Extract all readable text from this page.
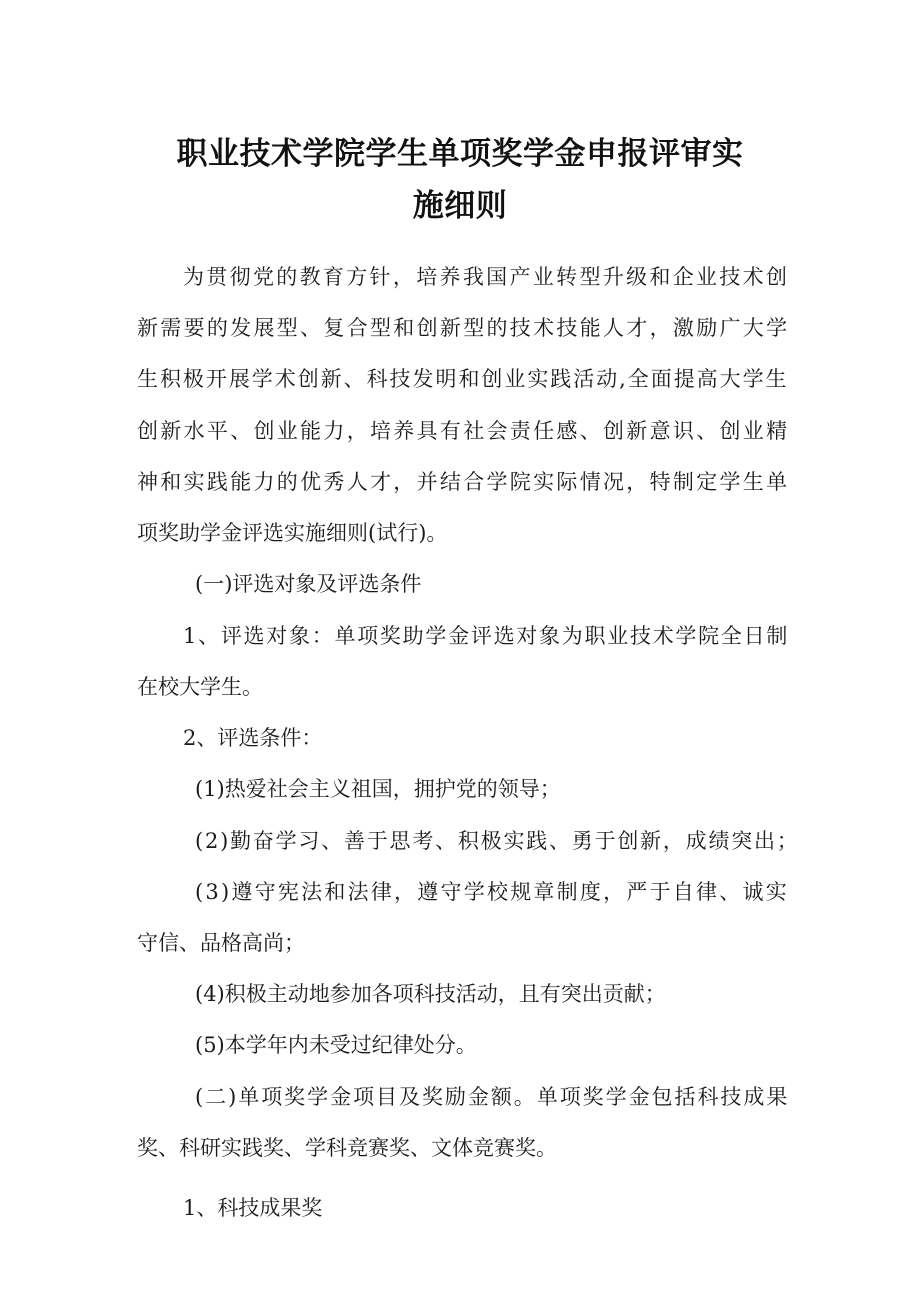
职业技术学院学生单项奖学金申报评审实
施细则
为贯彻党的教育方针，培养我国产业转型升级和企业技术创
新需要的发展型、复合型和创新型的技术技能人才，激励广大学
生积极开展学术创新、科技发明和创业实践活动,全面提高大学生
创新水平、创业能力，培养具有社会责任感、创新意识、创业精
神和实践能力的优秀人才，并结合学院实际情况，特制定学生单
项奖助学金评选实施细则(试行)。
(一)评选对象及评选条件
1、评选对象：单项奖助学金评选对象为职业技术学院全日制
在校大学生。
2、评选条件：
(1)热爱社会主义祖国，拥护党的领导；
(2)勤奋学习、善于思考、积极实践、勇于创新，成绩突出；
(3)遵守宪法和法律，遵守学校规章制度，严于自律、诚实
守信、品格高尚；
(4)积极主动地参加各项科技活动，且有突出贡献；
(5)本学年内未受过纪律处分。
(二)单项奖学金项目及奖励金额。单项奖学金包括科技成果
奖、科研实践奖、学科竞赛奖、文体竞赛奖。
1、科技成果奖
